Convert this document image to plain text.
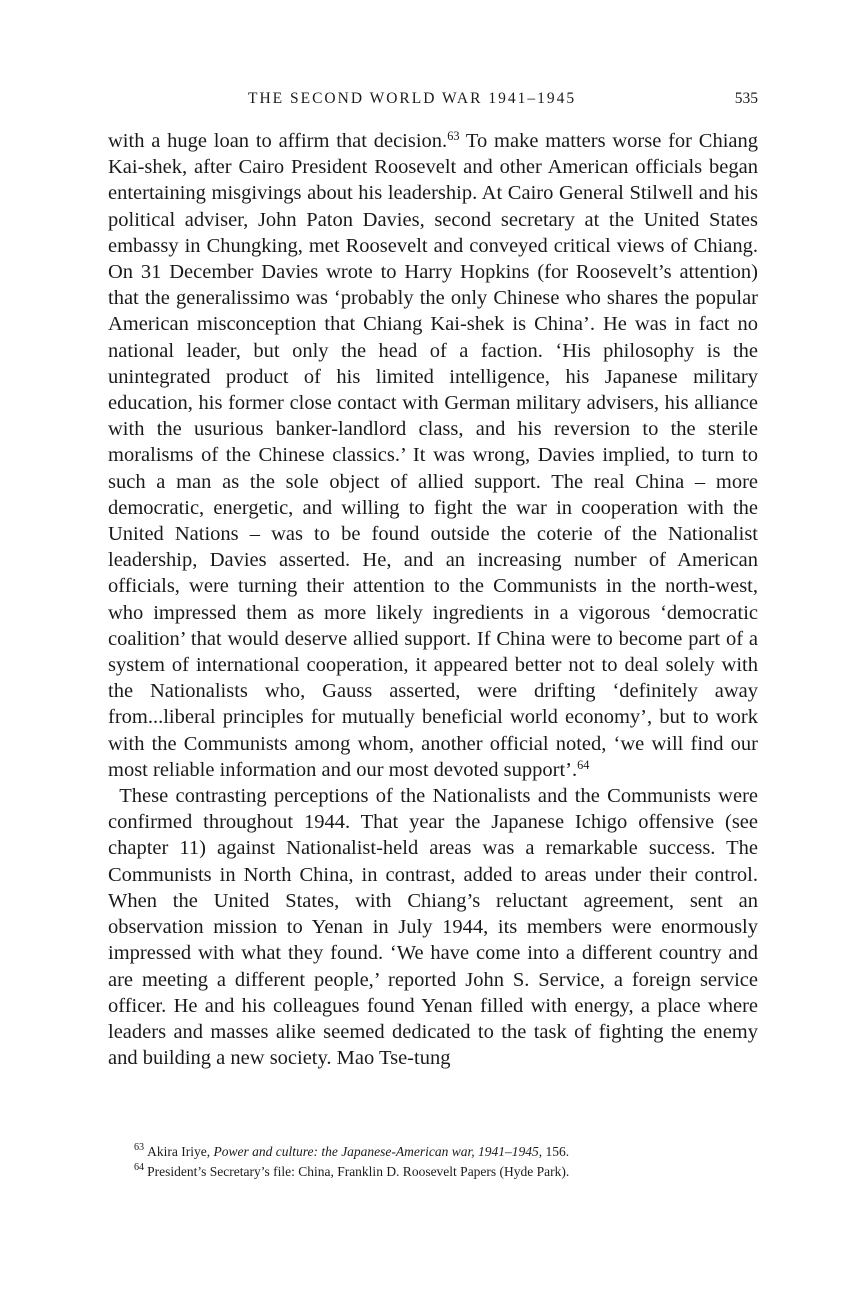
THE SECOND WORLD WAR 1941–1945	535

with a huge loan to affirm that decision.$^{63}$ To make matters worse for Chiang Kai-shek, after Cairo President Roosevelt and other American officials began entertaining misgivings about his leadership. At Cairo General Stilwell and his political adviser, John Paton Davies, second secretary at the United States embassy in Chungking, met Roosevelt and conveyed critical views of Chiang. On 31 December Davies wrote to Harry Hopkins (for Roosevelt’s attention) that the generalissimo was ‘probably the only Chinese who shares the popular American misconception that Chiang Kai-shek is China’. He was in fact no national leader, but only the head of a faction. ‘His philosophy is the unintegrated product of his limited intelligence, his Japanese military education, his former close contact with German military advisers, his alliance with the usurious banker-landlord class, and his reversion to the sterile moralisms of the Chinese classics.’ It was wrong, Davies implied, to turn to such a man as the sole object of allied support. The real China – more democratic, energetic, and willing to fight the war in cooperation with the United Nations – was to be found outside the coterie of the Nationalist leadership, Davies asserted. He, and an increasing number of American officials, were turning their attention to the Communists in the north-west, who impressed them as more likely ingredients in a vigorous ‘democratic coalition’ that would deserve allied support. If China were to become part of a system of international cooperation, it appeared better not to deal solely with the Nationalists who, Gauss asserted, were drifting ‘definitely away from...liberal principles for mutually beneficial world economy’, but to work with the Communists among whom, another official noted, ‘we will find our most reliable information and our most devoted support’.$^{64}$

These contrasting perceptions of the Nationalists and the Communists were confirmed throughout 1944. That year the Japanese Ichigo offensive (see chapter 11) against Nationalist-held areas was a remarkable success. The Communists in North China, in contrast, added to areas under their control. When the United States, with Chiang’s reluctant agreement, sent an observation mission to Yenan in July 1944, its members were enormously impressed with what they found. ‘We have come into a different country and are meeting a different people,’ reported John S. Service, a foreign service officer. He and his colleagues found Yenan filled with energy, a place where leaders and masses alike seemed dedicated to the task of fighting the enemy and building a new society. Mao Tse-tung

$^{63}$ Akira Iriye, Power and culture: the Japanese-American war, 1941–1945, 156.

$^{64}$ President’s Secretary’s file: China, Franklin D. Roosevelt Papers (Hyde Park).
